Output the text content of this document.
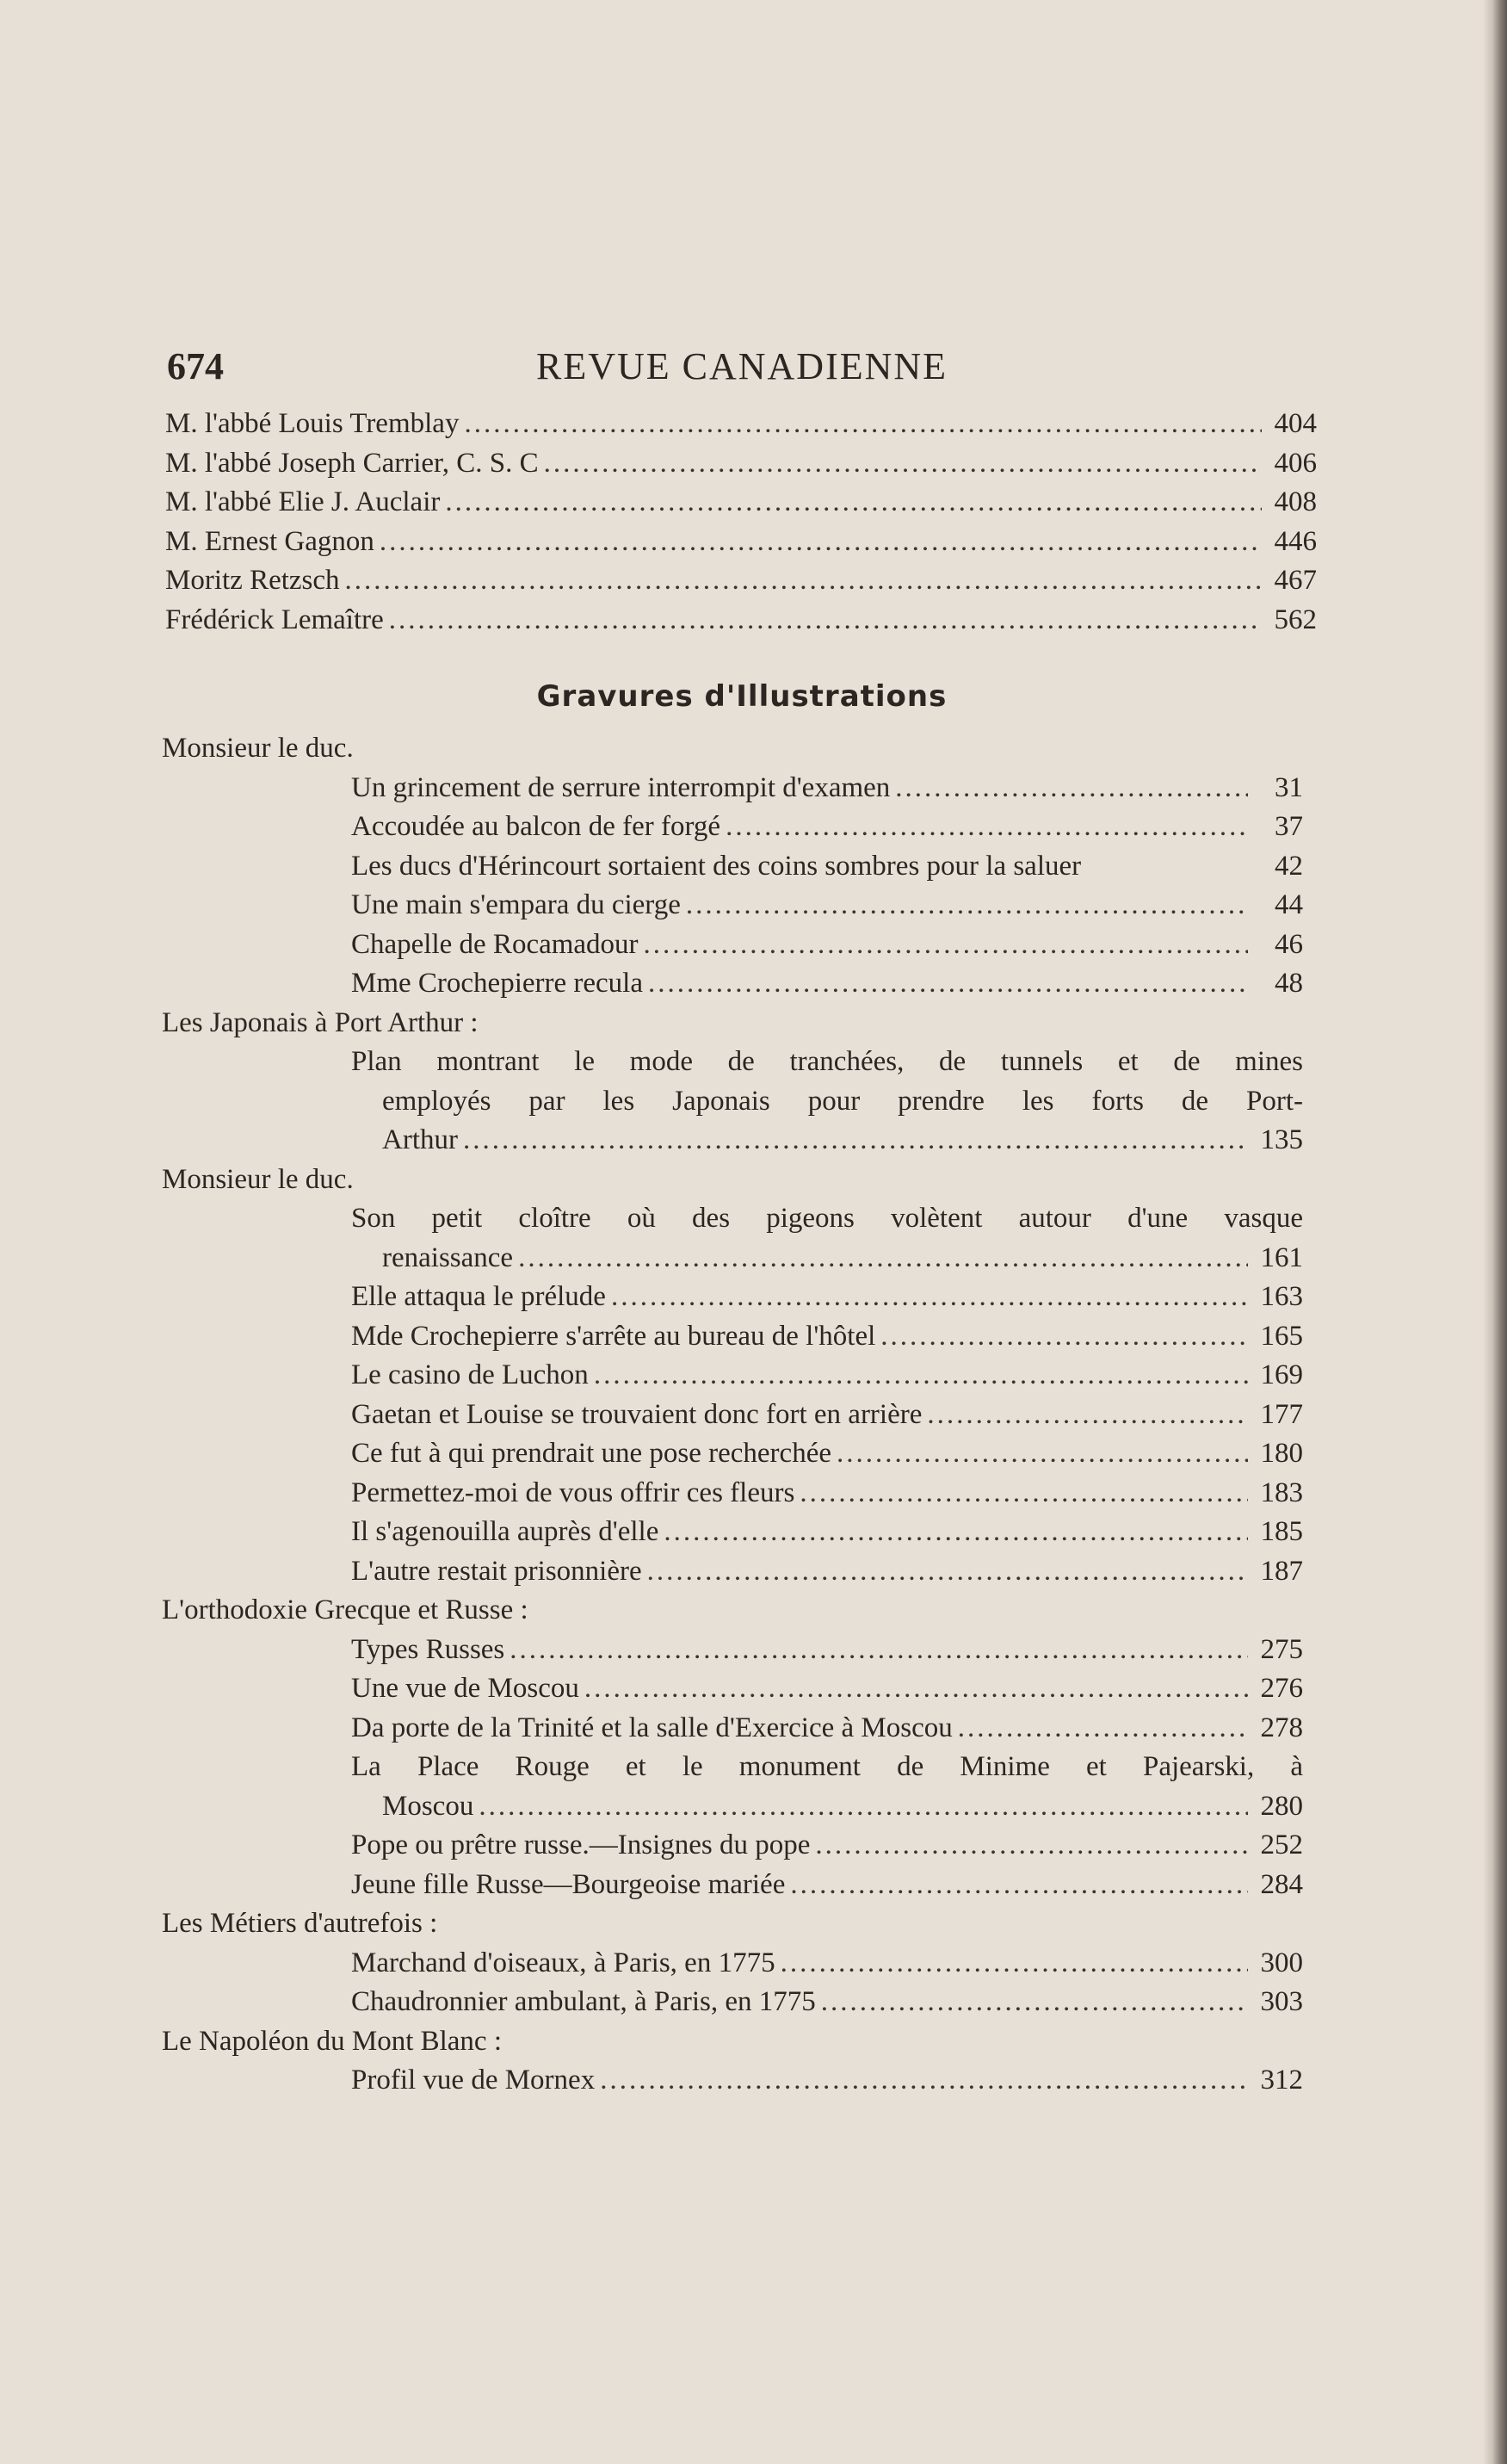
674	REVUE CANADIENNE
M. l'abbé Louis Tremblay .....	404
M. l'abbé Joseph Carrier, C. S. C .....	406
M. l'abbé Elie J. Auclair .....	408
M. Ernest Gagnon .....	446
Moritz Retzsch .....	467
Frédérick Lemaître .....	562
Gravures d'Illustrations
Monsieur le duc.
Un grincement de serrure interrompit d'examen .....	31
Accoudée au balcon de fer forgé .....	37
Les ducs d'Hérincourt sortaient des coins sombres pour la saluer	42
Une main s'empara du cierge .....	44
Chapelle de Rocamadour .....	46
Mme Crochepierre recula .....	48
Les Japonais à Port Arthur :
Plan montrant le mode de tranchées, de tunnels et de mines
employés par les Japonais pour prendre les forts de Port-
Arthur .....	135
Monsieur le duc.
Son petit cloître où des pigeons volètent autour d'une vasque
renaissance .....	161
Elle attaqua le prélude .....	163
Mde Crochepierre s'arrête au bureau de l'hôtel .....	165
Le casino de Luchon .....	169
Gaetan et Louise se trouvaient donc fort en arrière .....	177
Ce fut à qui prendrait une pose recherchée .....	180
Permettez-moi de vous offrir ces fleurs .....	183
Il s'agenouilla auprès d'elle .....	185
L'autre restait prisonnière .....	187
L'orthodoxie Grecque et Russe :
Types Russes .....	275
Une vue de Moscou .....	276
Da porte de la Trinité et la salle d'Exercice à Moscou .....	278
La Place Rouge et le monument de Minime et Pajearski, à
Moscou .....	280
Pope ou prêtre russe.—Insignes du pope .....	252
Jeune fille Russe—Bourgeoise mariée .....	284
Les Métiers d'autrefois :
Marchand d'oiseaux, à Paris, en 1775 .....	300
Chaudronnier ambulant, à Paris, en 1775 .....	303
Le Napoléon du Mont Blanc :
Profil vue de Mornex .....	312
